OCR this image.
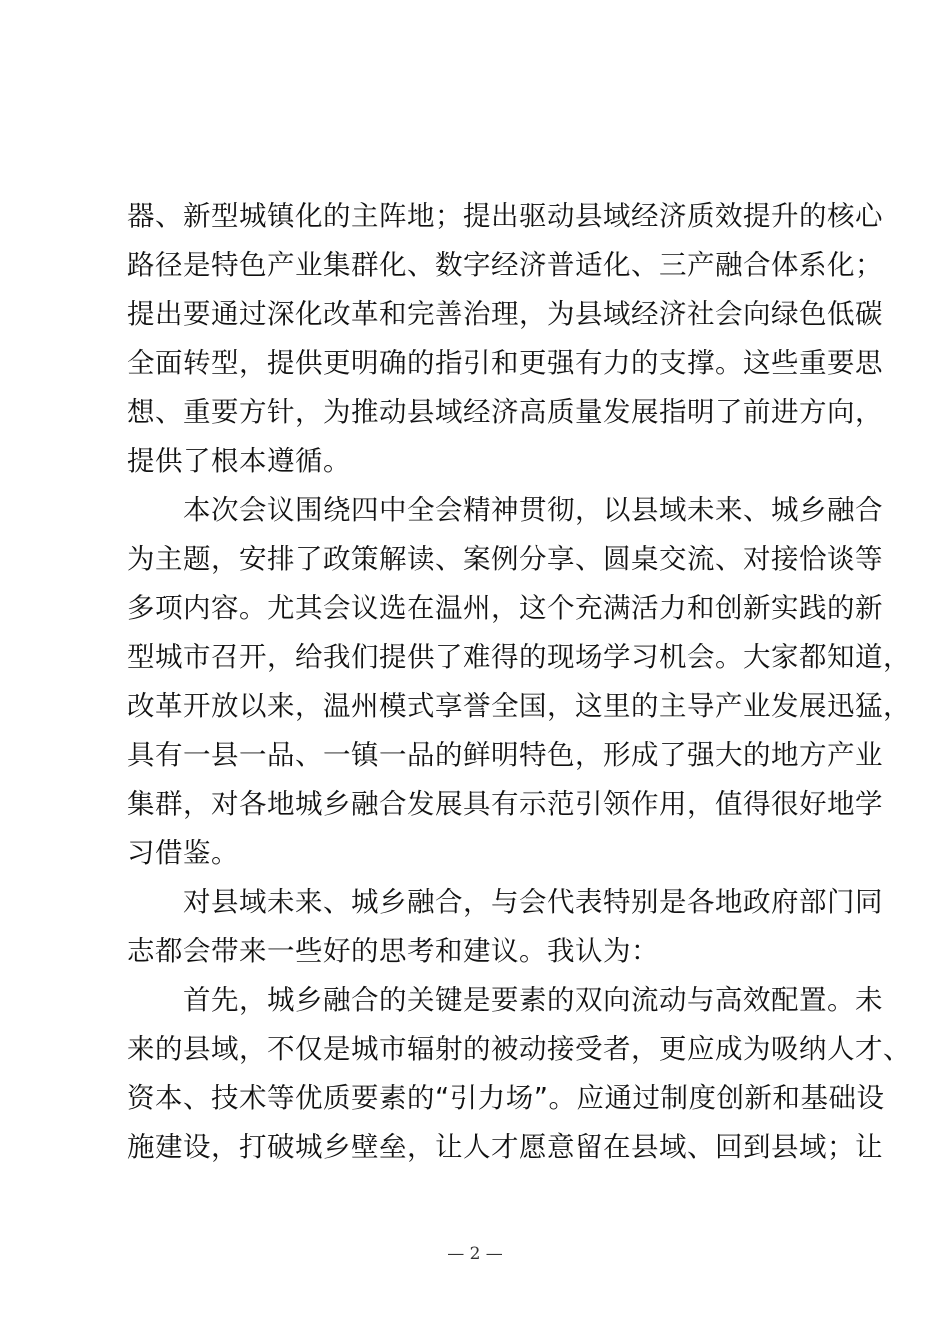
器、新型城镇化的主阵地；提出驱动县域经济质效提升的核心
路径是特色产业集群化、数字经济普适化、三产融合体系化；
提出要通过深化改革和完善治理，为县域经济社会向绿色低碳
全面转型，提供更明确的指引和更强有力的支撑。这些重要思
想、重要方针，为推动县域经济高质量发展指明了前进方向，
提供了根本遵循。
本次会议围绕四中全会精神贯彻，以县域未来、城乡融合
为主题，安排了政策解读、案例分享、圆桌交流、对接恰谈等
多项内容。尤其会议选在温州，这个充满活力和创新实践的新
型城市召开，给我们提供了难得的现场学习机会。大家都知道，
改革开放以来，温州模式享誉全国，这里的主导产业发展迅猛，
具有一县一品、一镇一品的鲜明特色，形成了强大的地方产业
集群，对各地城乡融合发展具有示范引领作用，值得很好地学
习借鉴。
对县域未来、城乡融合，与会代表特别是各地政府部门同
志都会带来一些好的思考和建议。我认为：
首先，城乡融合的关键是要素的双向流动与高效配置。未
来的县域，不仅是城市辐射的被动接受者，更应成为吸纳人才、
资本、技术等优质要素的“引力场”。应通过制度创新和基础设
施建设，打破城乡壁垒，让人才愿意留在县域、回到县域；让
— 2 —
